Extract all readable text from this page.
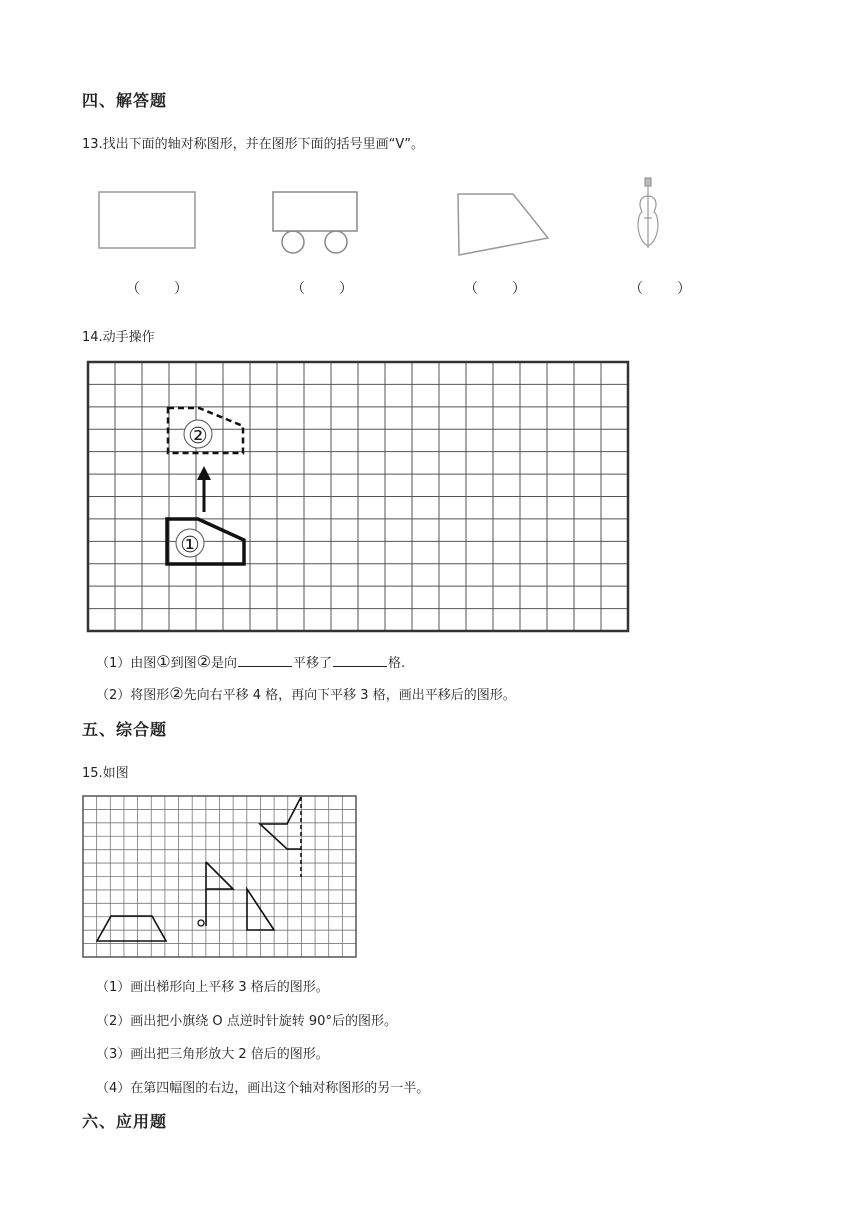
四、解答题
13.找出下面的轴对称图形，并在图形下面的括号里画“V”。
（　　）	（　　）	（　　）	（　　）
14.动手操作
②
①
（1）由图①到图②是向	平移了	格.
（2）将图形②先向右平移 4 格，再向下平移 3 格，画出平移后的图形。
五、综合题
15.如图
（1）画出梯形向上平移 3 格后的图形。
（2）画出把小旗绕 O 点逆时针旋转 90°后的图形。
（3）画出把三角形放大 2 倍后的图形。
（4）在第四幅图的右边，画出这个轴对称图形的另一半。
六、应用题
